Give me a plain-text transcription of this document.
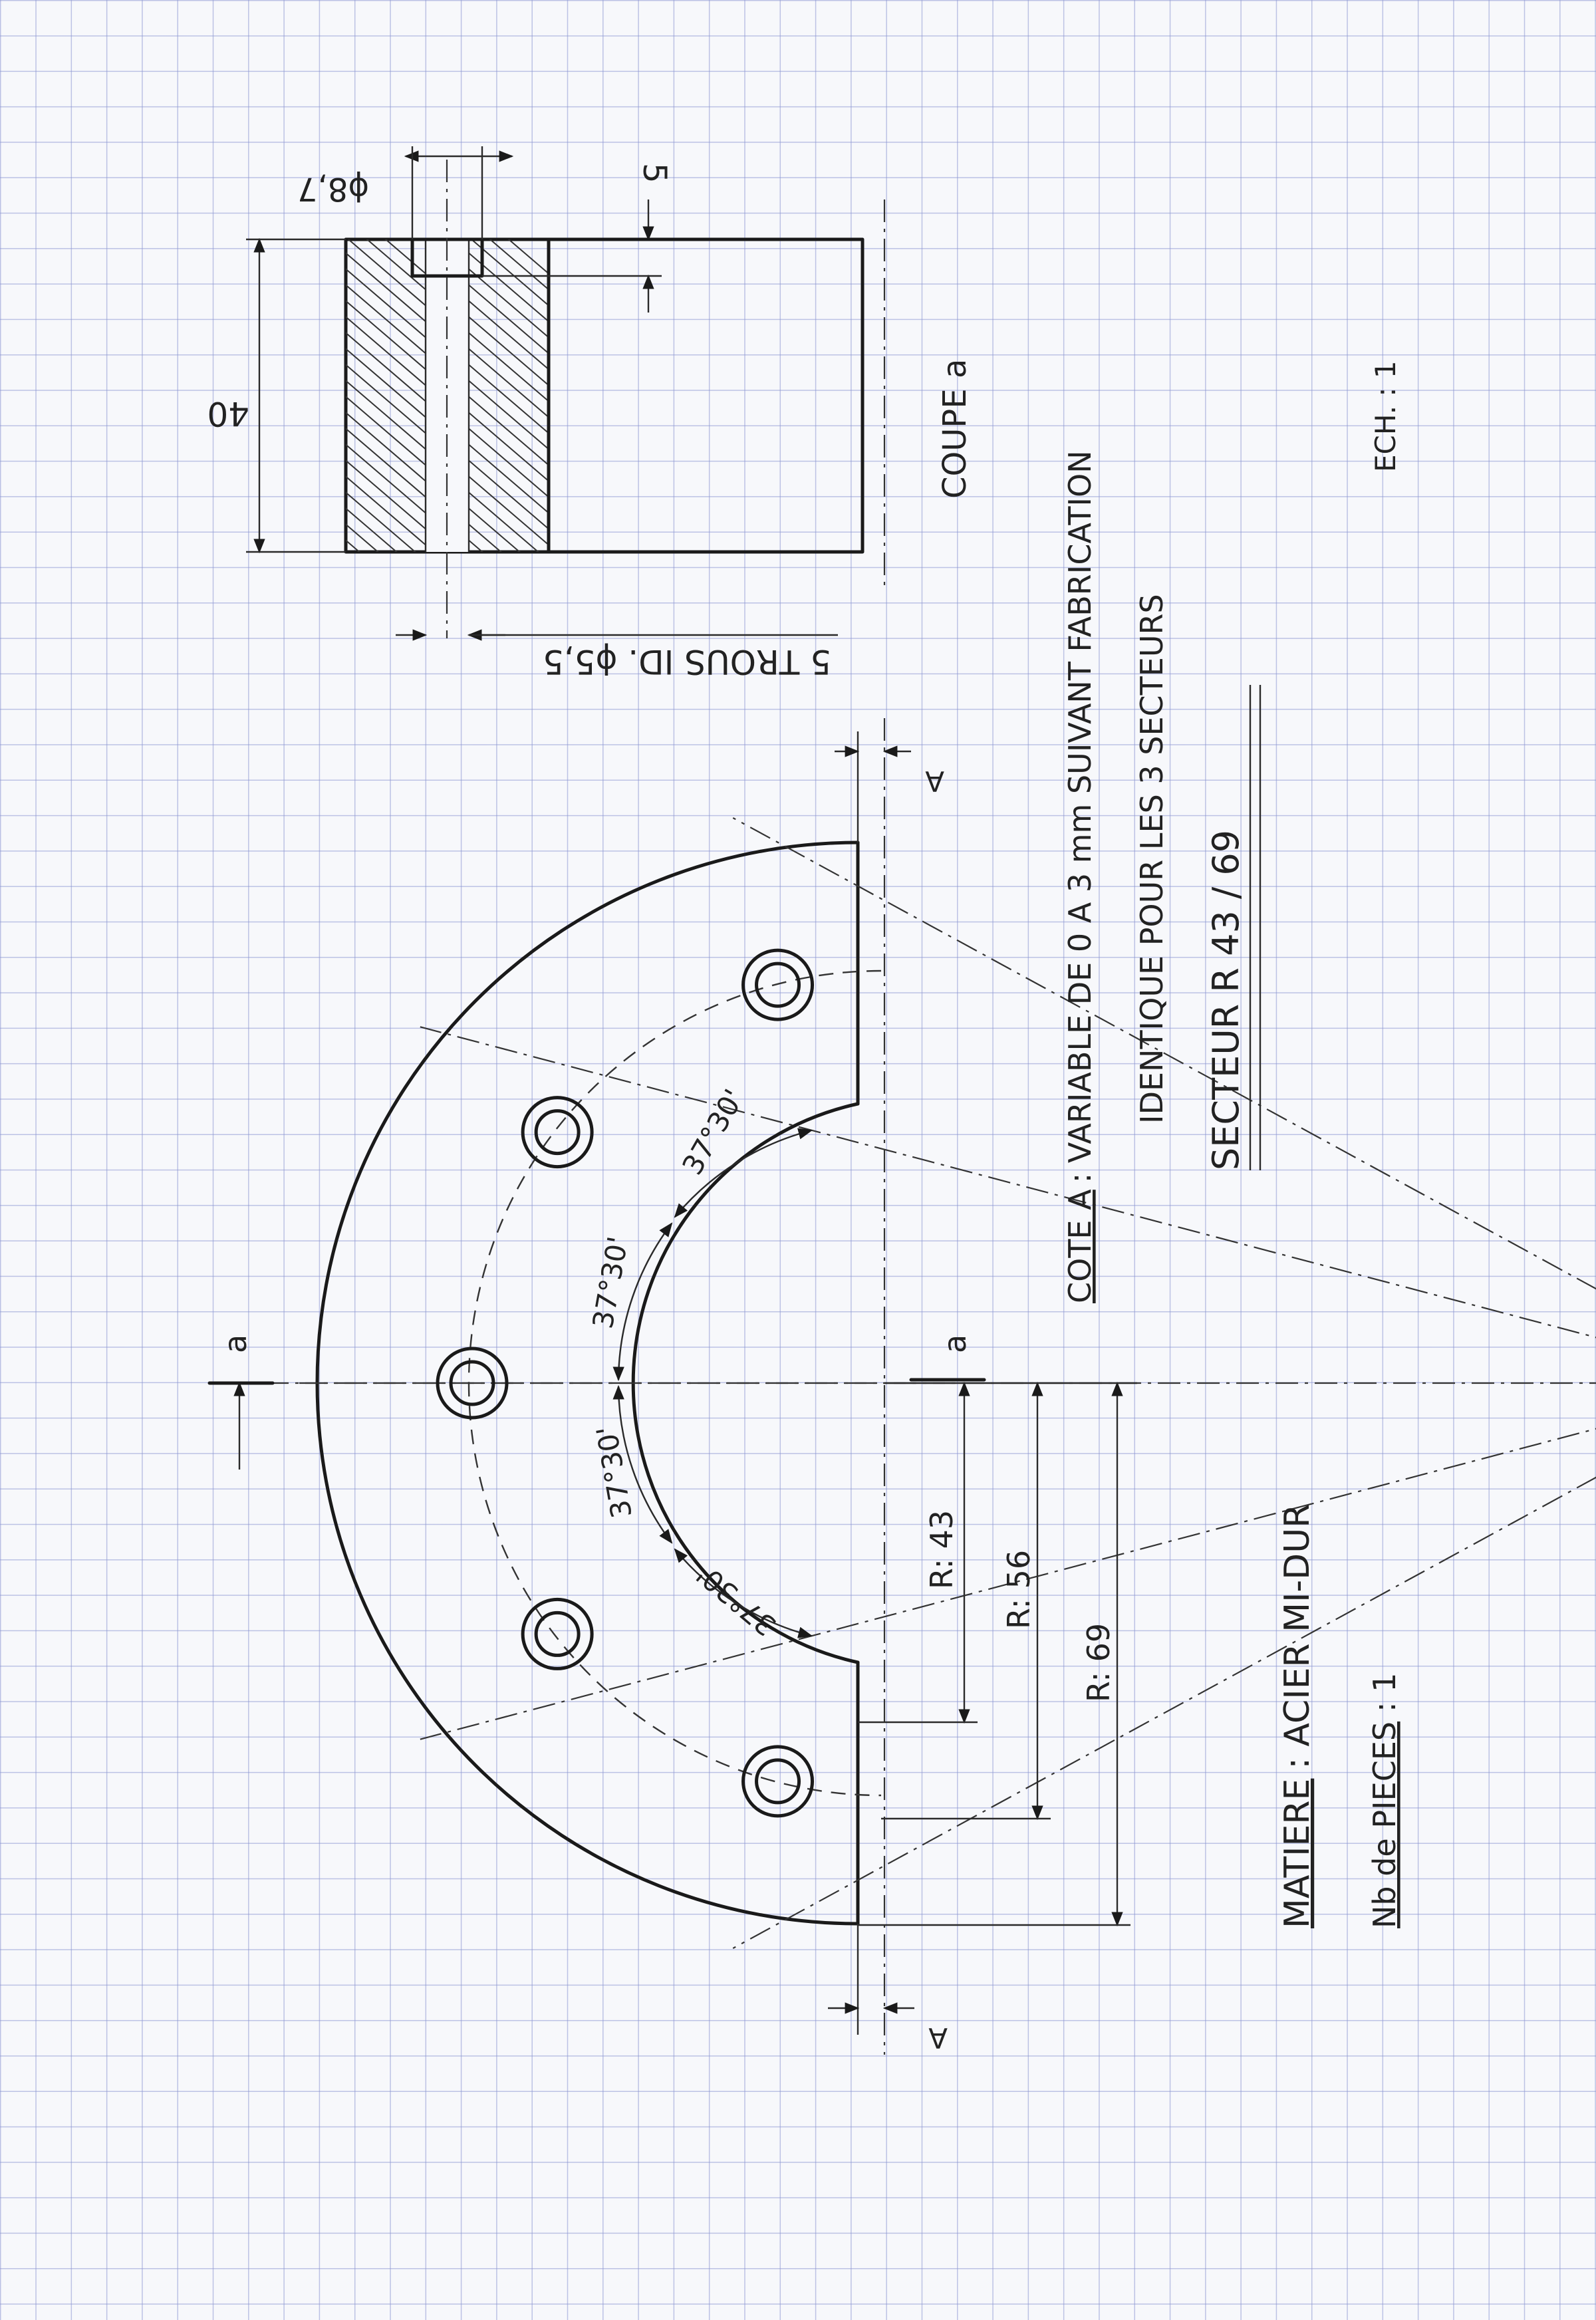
40
ϕ8,7	5
5 TROUS ID. ϕ5,5
COUPE a
37°30'
37°30'
37°30'
37°30'
R: 43
R: 56
R: 69
a	a
A
A
COTE A: VARIABLE DE 0 A 3 mm SUIVANT FABRICATION IDENTIQUE POUR LES 3 SECTEURS SECTEUR R 43 / 69
ECH. : 1
MATIERE: ACIER MI-DUR
Nb de PIECES: 1
